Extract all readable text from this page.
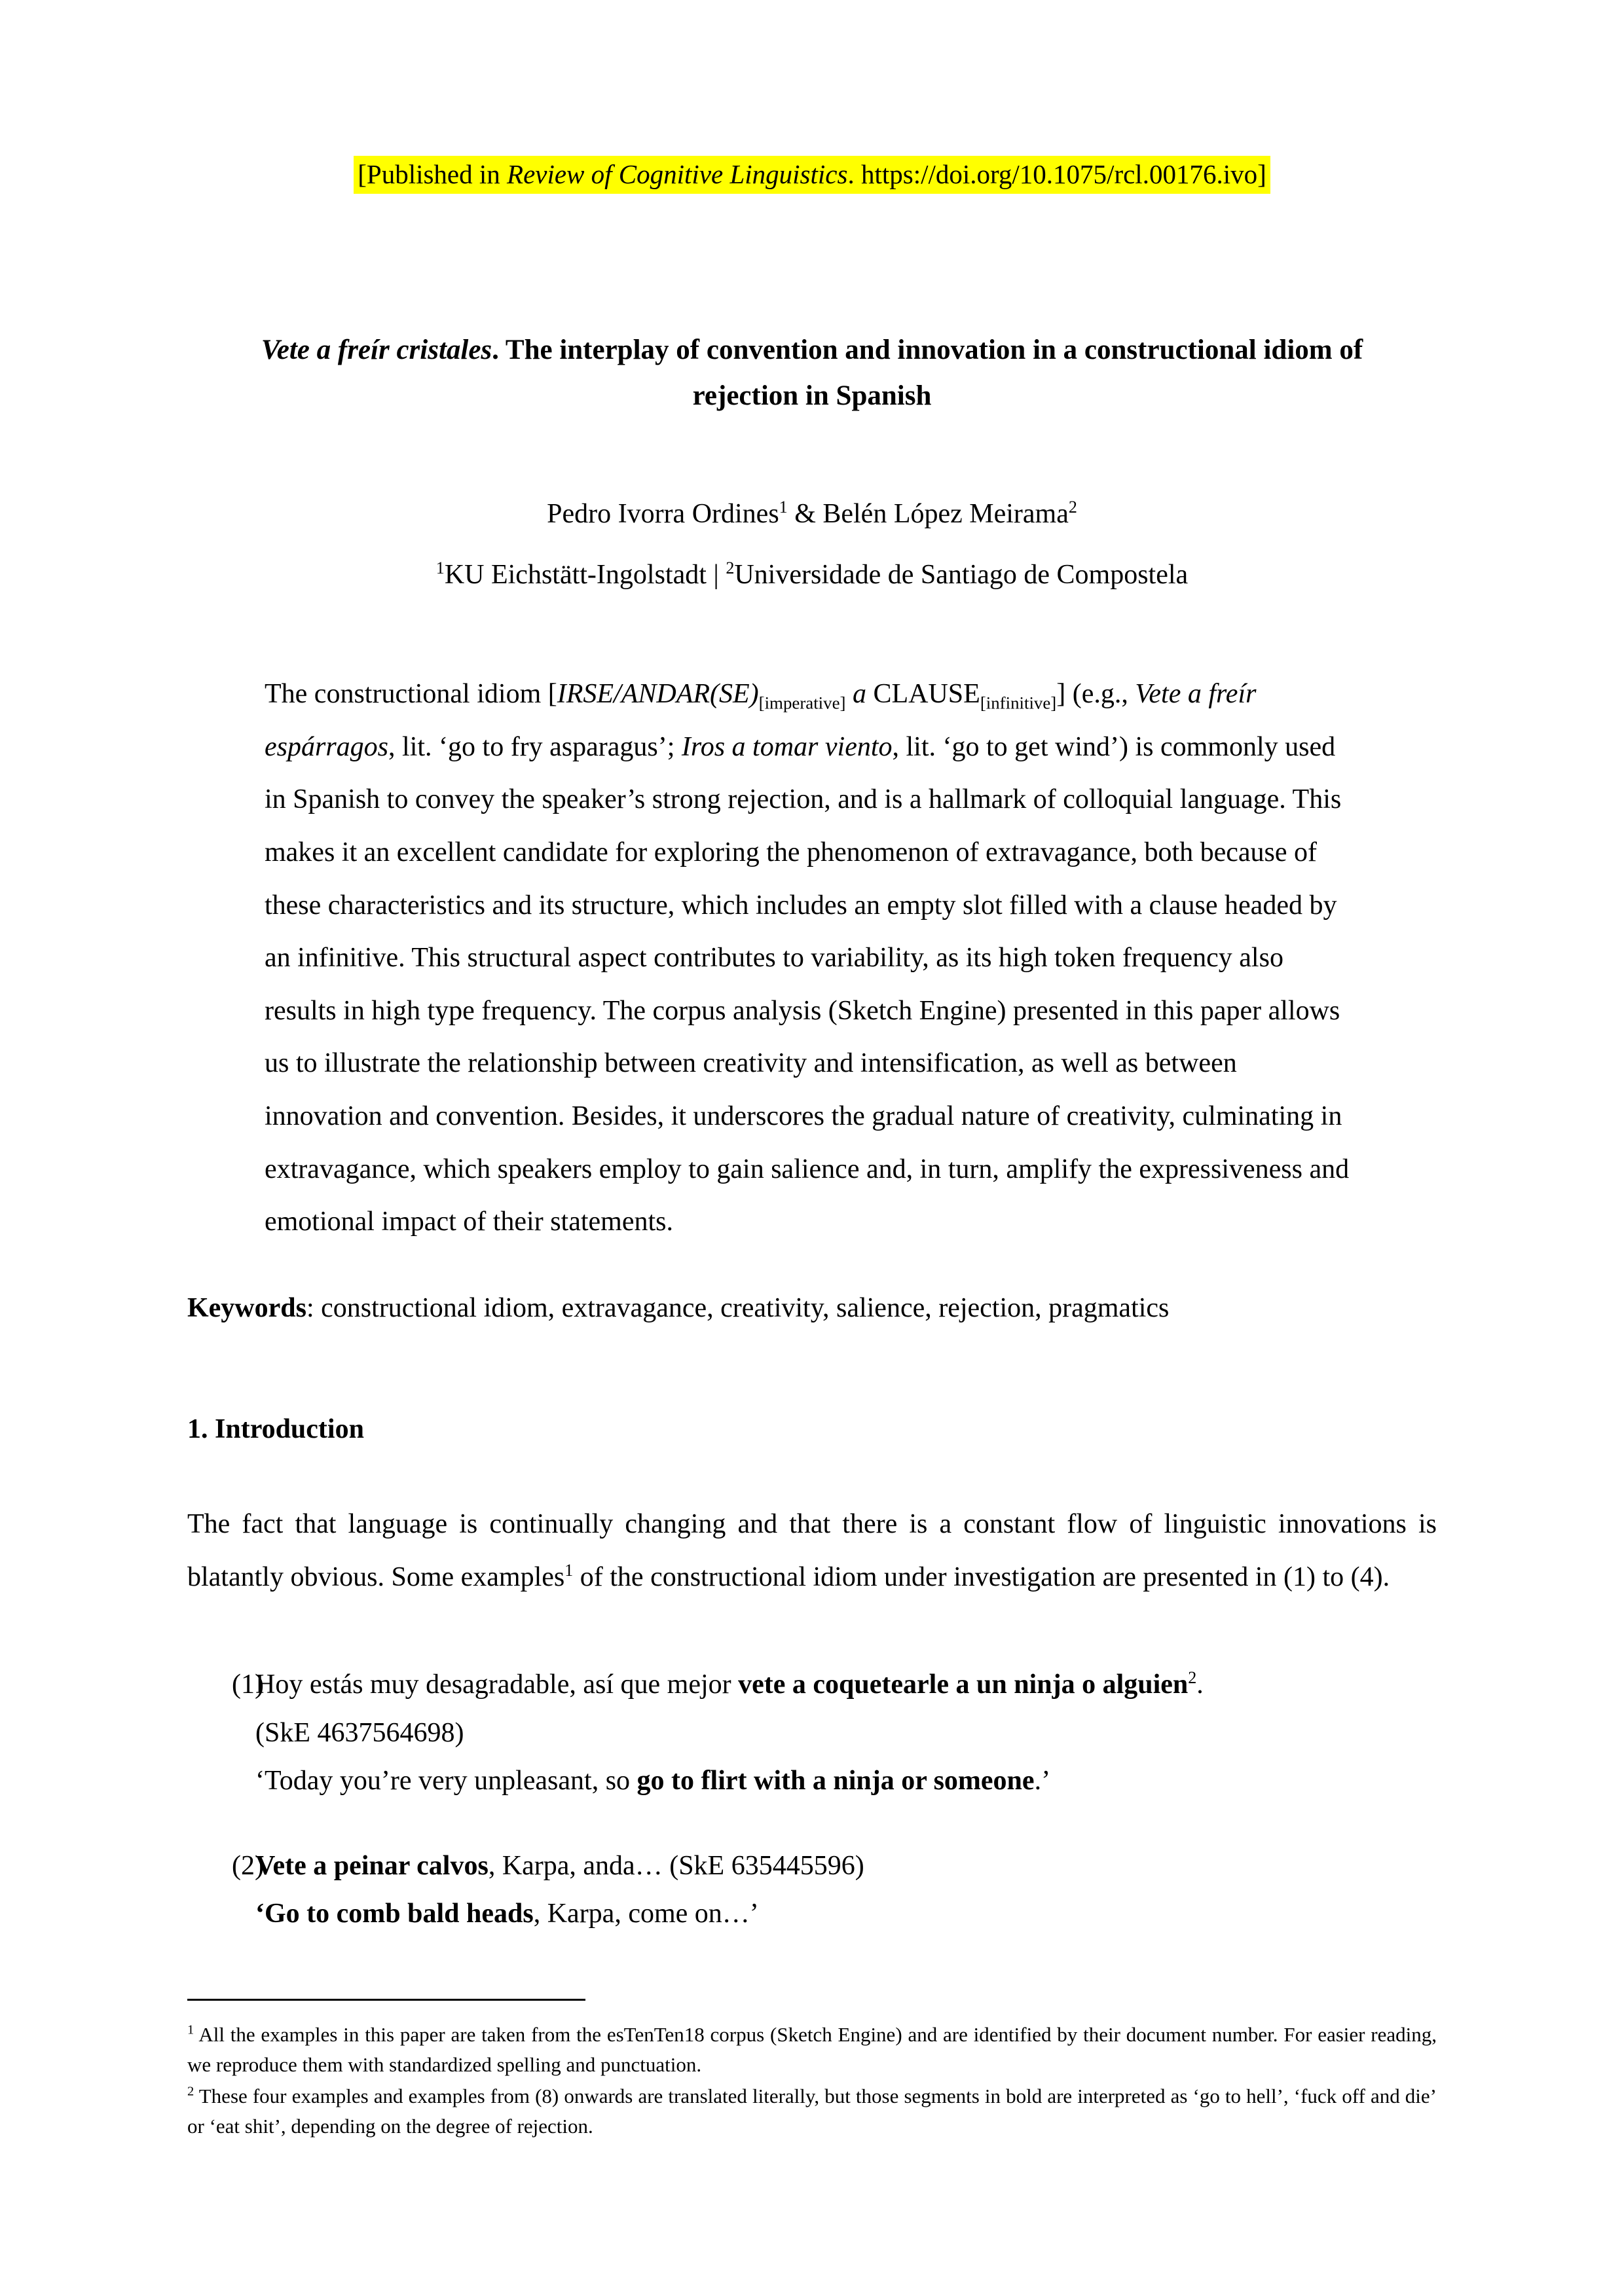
[Published in Review of Cognitive Linguistics. https://doi.org/10.1075/rcl.00176.ivo]
Vete a freír cristales. The interplay of convention and innovation in a constructional idiom of rejection in Spanish
Pedro Ivorra Ordines$^1$ & Belén López Meirama$^2$
$^1$KU Eichstätt-Ingolstadt | $^2$Universidade de Santiago de Compostela
The constructional idiom [$IRSE/ANDAR(SE)_{[imperative]}$ a $CLAUSE_{[infinitive]}$] (e.g., Vete a freír espárragos, lit. ‘go to fry asparagus’; Iros a tomar viento, lit. ‘go to get wind’) is commonly used in Spanish to convey the speaker’s strong rejection, and is a hallmark of colloquial language. This makes it an excellent candidate for exploring the phenomenon of extravagance, both because of these characteristics and its structure, which includes an empty slot filled with a clause headed by an infinitive. This structural aspect contributes to variability, as its high token frequency also results in high type frequency. The corpus analysis (Sketch Engine) presented in this paper allows us to illustrate the relationship between creativity and intensification, as well as between innovation and convention. Besides, it underscores the gradual nature of creativity, culminating in extravagance, which speakers employ to gain salience and, in turn, amplify the expressiveness and emotional impact of their statements.
Keywords: constructional idiom, extravagance, creativity, salience, rejection, pragmatics
1. Introduction
The fact that language is continually changing and that there is a constant flow of linguistic innovations is blatantly obvious. Some examples$^1$ of the constructional idiom under investigation are presented in (1) to (4).
(1)
Hoy estás muy desagradable, así que mejor vete a coquetearle a un ninja o alguien$^2$.
(SkE 4637564698)
‘Today you’re very unpleasant, so go to flirt with a ninja or someone.’
(2)
Vete a peinar calvos, Karpa, anda… (SkE 635445596)
‘Go to comb bald heads, Karpa, come on…’

$^1$ All the examples in this paper are taken from the esTenTen18 corpus (Sketch Engine) and are identified by their document number. For easier reading, we reproduce them with standardized spelling and punctuation.

$^2$ These four examples and examples from (8) onwards are translated literally, but those segments in bold are interpreted as ‘go to hell’, ‘fuck off and die’ or ‘eat shit’, depending on the degree of rejection.
